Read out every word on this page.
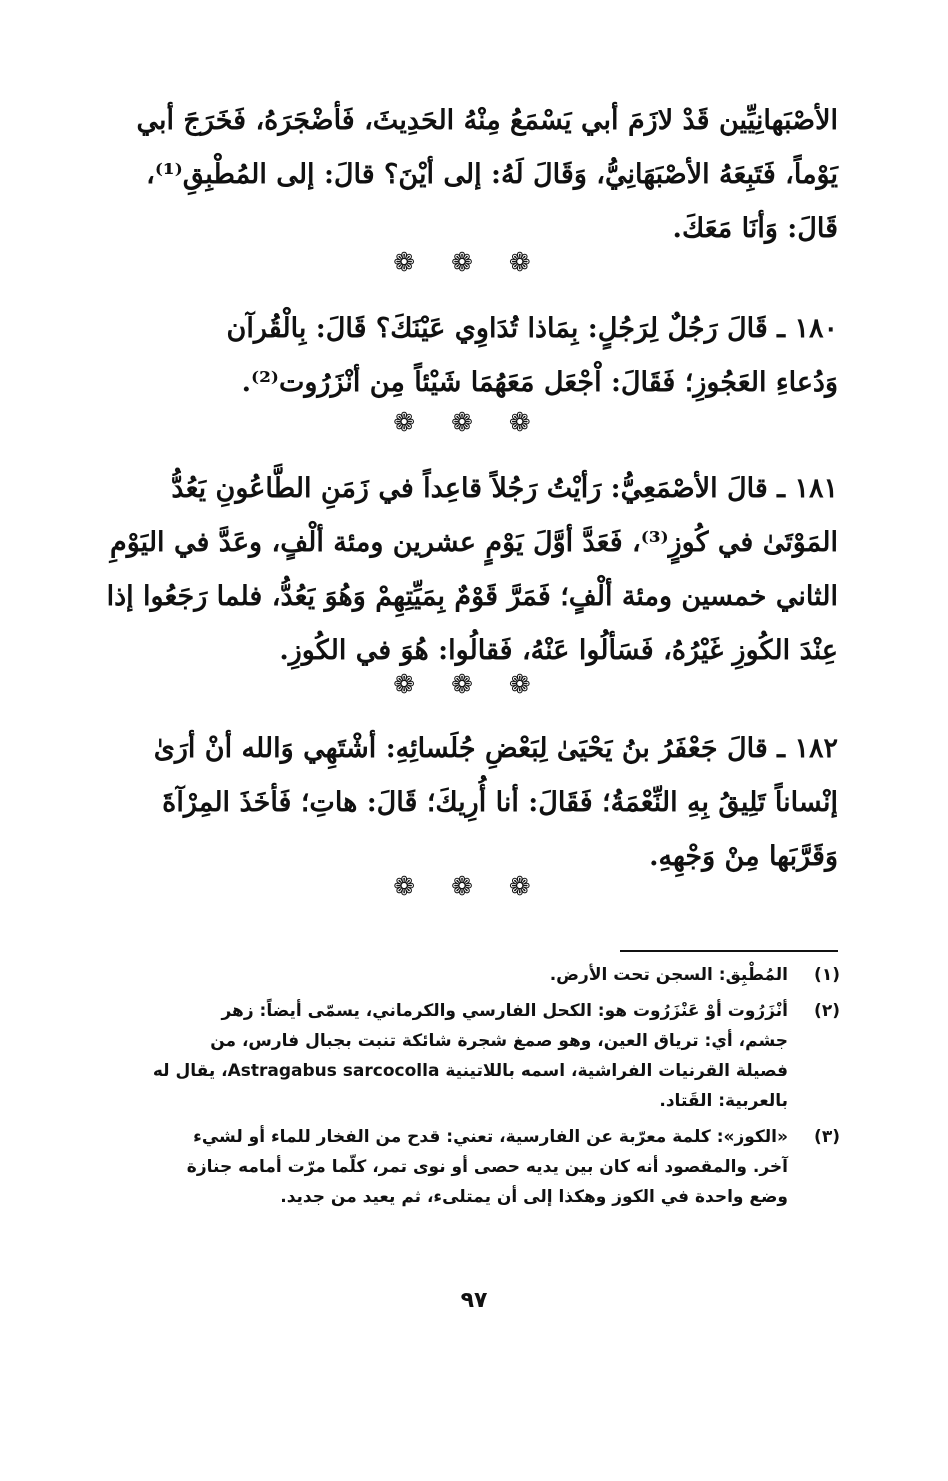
الأصْبَهانِيِّين قَدْ لازَمَ أبي يَسْمَعُ مِنْهُ الحَدِيثَ، فَأضْجَرَهُ، فَخَرَجَ أبي
يَوْماً، فَتَبِعَهُ الأصْبَهَانِيُّ، وَقَالَ لَهُ: إلى أيْنَ؟ قالَ: إلى المُطْبِقِ⁽¹⁾،
قَالَ: وَأنَا مَعَكَ.
❁ ❁ ❁
١٨٠ ـ قَالَ رَجُلٌ لِرَجُلٍ: بِمَاذا تُدَاوِي عَيْنَكَ؟ قَالَ: بِالْقُرآن
وَدُعاءِ العَجُوزِ؛ فَقَالَ: اْجْعَل مَعَهُمَا شَيْئاً مِن أنْزَرُوت⁽²⁾.
❁ ❁ ❁
١٨١ ـ قالَ الأصْمَعِيُّ: رَأيْتُ رَجُلاً قاعِداً في زَمَنِ الطَّاعُونِ يَعُدُّ
المَوْتَىٰ في كُوزٍ⁽³⁾، فَعَدَّ أوَّلَ يَوْمٍ عشرين ومئة ألْفٍ، وعَدَّ في اليَوْمِ
الثاني خمسين ومئة ألْفٍ؛ فَمَرَّ قَوْمٌ بِمَيِّتِهِمْ وَهُوَ يَعُدُّ، فلما رَجَعُوا إذا
عِنْدَ الكُوزِ غَيْرُهُ، فَسَألُوا عَنْهُ، فَقالُوا: هُوَ في الكُوزِ.
❁ ❁ ❁
١٨٢ ـ قالَ جَعْفَرُ بنُ يَحْيَىٰ لِبَعْضِ جُلَسائِهِ: أشْتَهِي وَالله أنْ أرَىٰ
إنْساناً تَلِيقُ بِهِ النِّعْمَةُ؛ فَقَالَ: أنا أُرِيكَ؛ قَالَ: هاتِ؛ فَأخَذَ المِرْآةَ
وَقَرَّبَها مِنْ وَجْهِهِ.
❁ ❁ ❁
(١)
المُطْبِق: السجن تحت الأرض.
(٢)
أنْزَرُوت أوْ عَنْزَرُوت هو: الكحل الفارسي والكرماني، يسمّى أيضاً: زهر
جشم، أي: ترياق العين، وهو صمغ شجرة شائكة تنبت بجبال فارس، من
فصيلة القرنيات الفراشية، اسمه باللاتينية Astragabus sarcocolla، يقال له
بالعربية: القَتاد.
(٣)
«الكوز»: كلمة معرّبة عن الفارسية، تعني: قدح من الفخار للماء أو لشيء
آخر. والمقصود أنه كان بين يديه حصى أو نوى تمر، كلّما مرّت أمامه جنازة
وضع واحدة في الكوز وهكذا إلى أن يمتلىء، ثم يعيد من جديد.
٩٧
